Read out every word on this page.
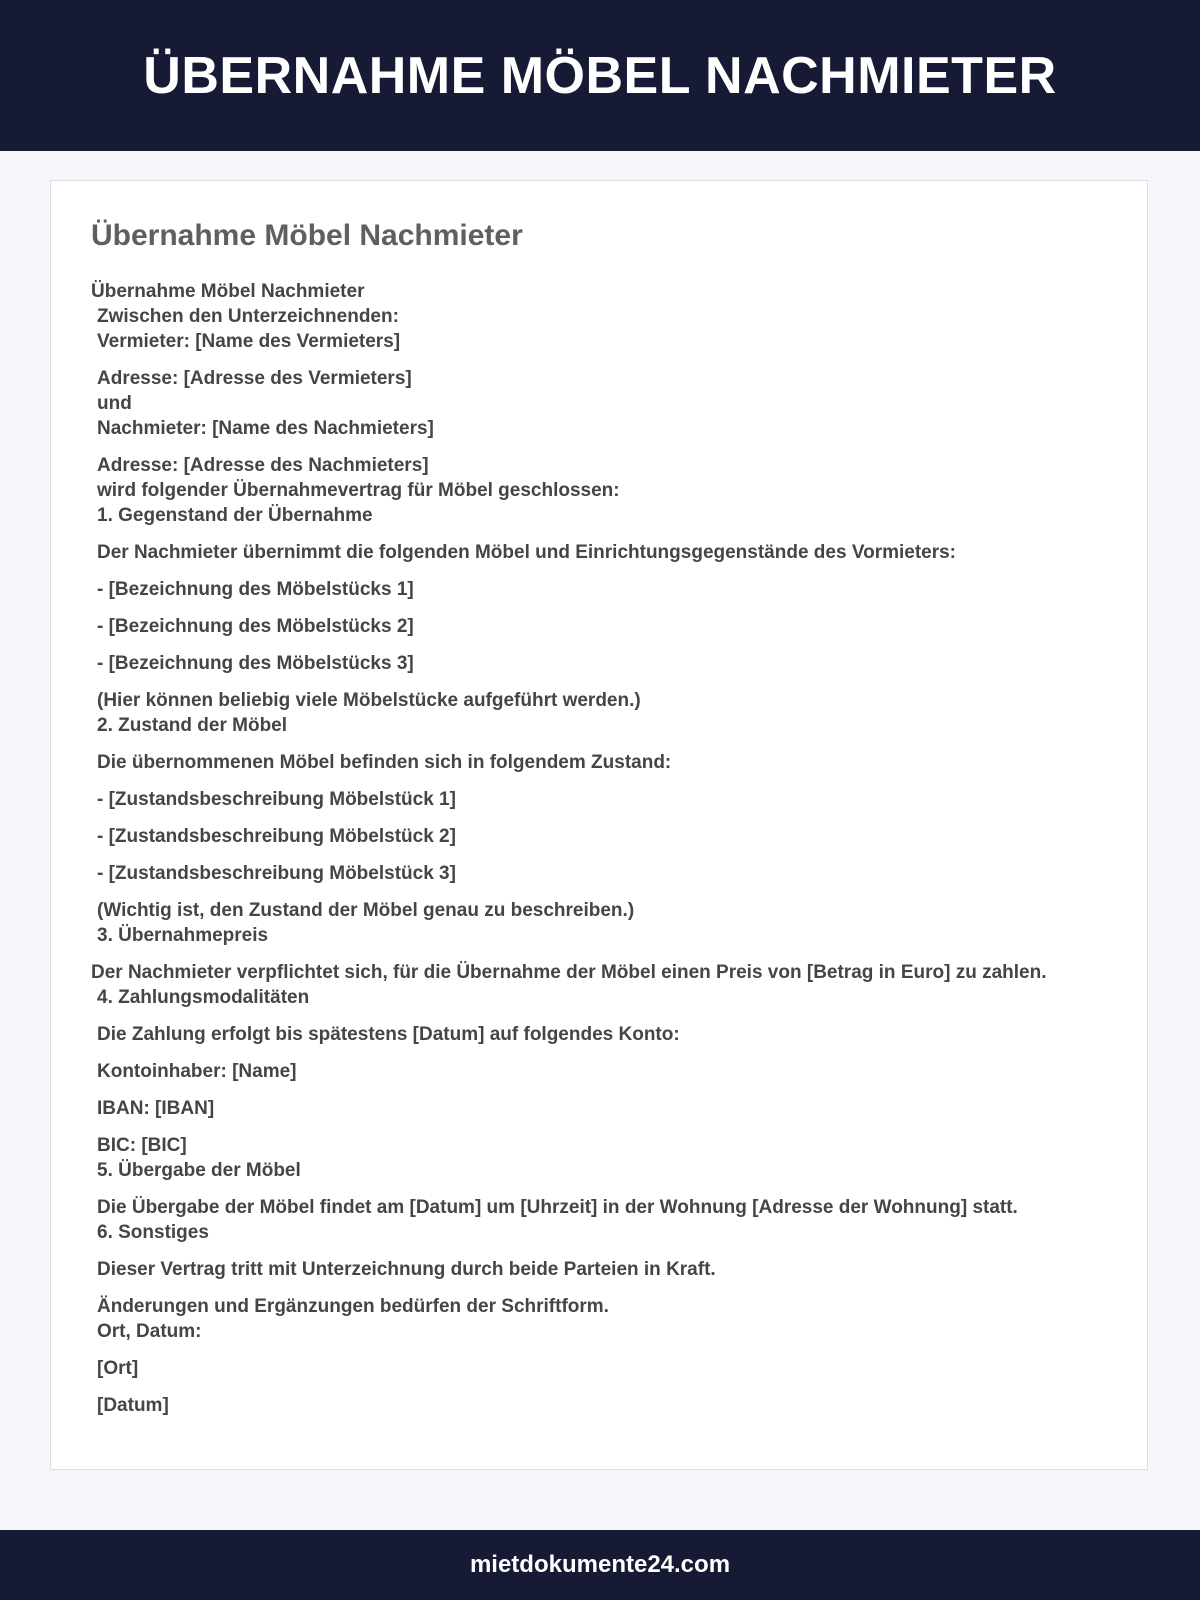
ÜBERNAHME MÖBEL NACHMIETER
Übernahme Möbel Nachmieter
Übernahme Möbel Nachmieter
Zwischen den Unterzeichnenden:
Vermieter: [Name des Vermieters]
Adresse: [Adresse des Vermieters]
und
Nachmieter: [Name des Nachmieters]
Adresse: [Adresse des Nachmieters]
wird folgender Übernahmevertrag für Möbel geschlossen:
1. Gegenstand der Übernahme
Der Nachmieter übernimmt die folgenden Möbel und Einrichtungsgegenstände des Vormieters:
- [Bezeichnung des Möbelstücks 1]
- [Bezeichnung des Möbelstücks 2]
- [Bezeichnung des Möbelstücks 3]
(Hier können beliebig viele Möbelstücke aufgeführt werden.)
2. Zustand der Möbel
Die übernommenen Möbel befinden sich in folgendem Zustand:
- [Zustandsbeschreibung Möbelstück 1]
- [Zustandsbeschreibung Möbelstück 2]
- [Zustandsbeschreibung Möbelstück 3]
(Wichtig ist, den Zustand der Möbel genau zu beschreiben.)
3. Übernahmepreis
Der Nachmieter verpflichtet sich, für die Übernahme der Möbel einen Preis von [Betrag in Euro] zu zahlen.
4. Zahlungsmodalitäten
Die Zahlung erfolgt bis spätestens [Datum] auf folgendes Konto:
Kontoinhaber: [Name]
IBAN: [IBAN]
BIC: [BIC]
5. Übergabe der Möbel
Die Übergabe der Möbel findet am [Datum] um [Uhrzeit] in der Wohnung [Adresse der Wohnung] statt.
6. Sonstiges
Dieser Vertrag tritt mit Unterzeichnung durch beide Parteien in Kraft.
Änderungen und Ergänzungen bedürfen der Schriftform.
Ort, Datum:
[Ort]
[Datum]
mietdokumente24.com
